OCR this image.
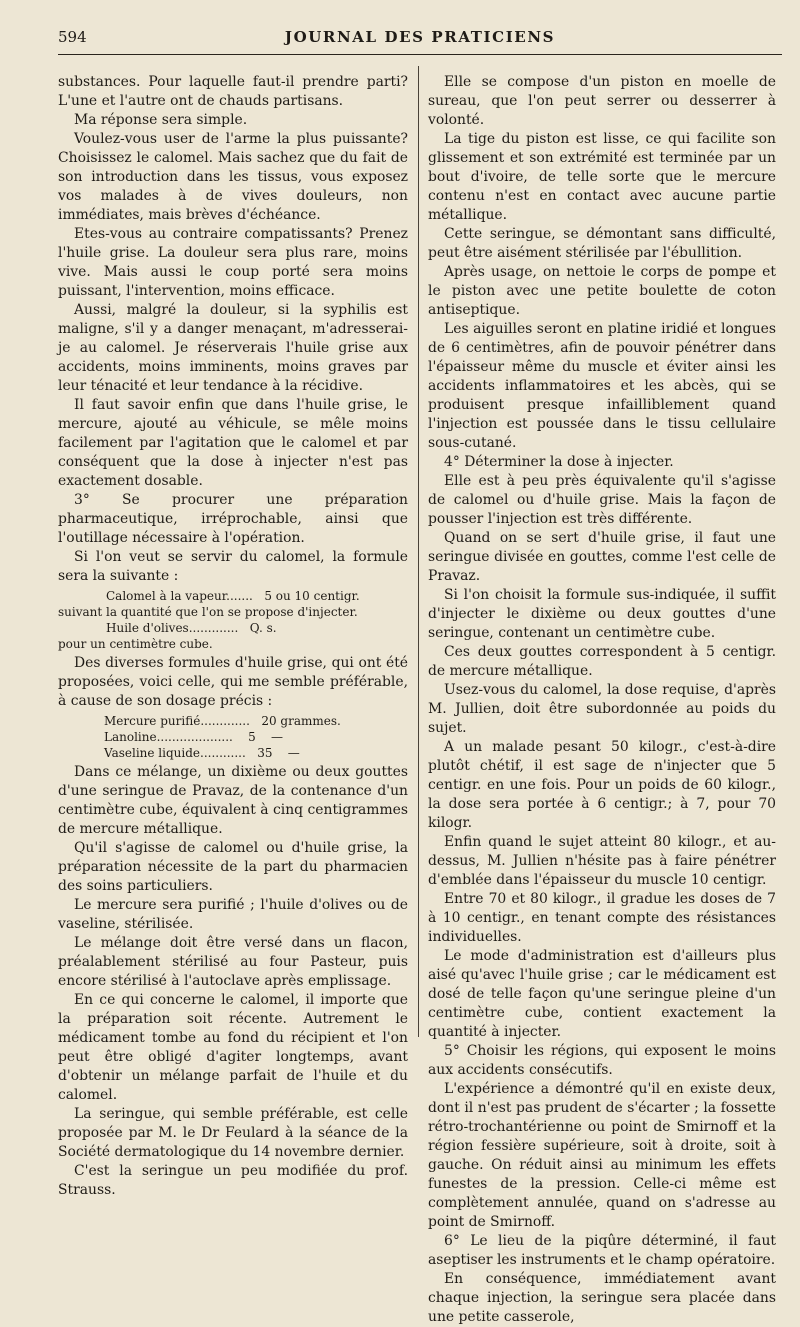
594	JOURNAL DES PRATICIENS

substances. Pour laquelle faut-il prendre parti? L'une et l'autre ont de chauds partisans.

Ma réponse sera simple.

Voulez-vous user de l'arme la plus puissante? Choisissez le calomel. Mais sachez que du fait de son introduction dans les tissus, vous exposez vos malades à de vives douleurs, non immédiates, mais brèves d'échéance.

Etes-vous au contraire compatissants? Prenez l'huile grise. La douleur sera plus rare, moins vive. Mais aussi le coup porté sera moins puissant, l'intervention, moins efficace.

Aussi, malgré la douleur, si la syphilis est maligne, s'il y a danger menaçant, m'adresserai-je au calomel. Je réserverais l'huile grise aux accidents, moins imminents, moins graves par leur ténacité et leur tendance à la récidive.

Il faut savoir enfin que dans l'huile grise, le mercure, ajouté au véhicule, se mêle moins facilement par l'agitation que le calomel et par conséquent que la dose à injecter n'est pas exactement dosable.

3° Se procurer une préparation pharmaceutique, irréprochable, ainsi que l'outillage nécessaire à l'opération.

Si l'on veut se servir du calomel, la formule sera la suivante :

Calomel à la vapeur.......   5 ou 10 centigr.
suivant la quantité que l'on se propose d'injecter.
Huile d'olives.............   Q. s.
pour un centimètre cube.

Des diverses formules d'huile grise, qui ont été proposées, voici celle, qui me semble préférable, à cause de son dosage précis :

Mercure purifié.............   20 grammes.
Lanoline....................    5    —
Vaseline liquide............   35    —

Dans ce mélange, un dixième ou deux gouttes d'une seringue de Pravaz, de la contenance d'un centimètre cube, équivalent à cinq centigrammes de mercure métallique.

Qu'il s'agisse de calomel ou d'huile grise, la préparation nécessite de la part du pharmacien des soins particuliers.

Le mercure sera purifié ; l'huile d'olives ou de vaseline, stérilisée.

Le mélange doit être versé dans un flacon, préalablement stérilisé au four Pasteur, puis encore stérilisé à l'autoclave après emplissage.

En ce qui concerne le calomel, il importe que la préparation soit récente. Autrement le médicament tombe au fond du récipient et l'on peut être obligé d'agiter longtemps, avant d'obtenir un mélange parfait de l'huile et du calomel.

La seringue, qui semble préférable, est celle proposée par M. le Dr Feulard à la séance de la Société dermatologique du 14 novembre dernier.

C'est la seringue un peu modifiée du prof. Strauss.

Elle se compose d'un piston en moelle de sureau, que l'on peut serrer ou desserrer à volonté.

La tige du piston est lisse, ce qui facilite son glissement et son extrémité est terminée par un bout d'ivoire, de telle sorte que le mercure contenu n'est en contact avec aucune partie métallique.

Cette seringue, se démontant sans difficulté, peut être aisément stérilisée par l'ébullition.

Après usage, on nettoie le corps de pompe et le piston avec une petite boulette de coton antiseptique.

Les aiguilles seront en platine iridié et longues de 6 centimètres, afin de pouvoir pénétrer dans l'épaisseur même du muscle et éviter ainsi les accidents inflammatoires et les abcès, qui se produisent presque infailliblement quand l'injection est poussée dans le tissu cellulaire sous-cutané.

4° Déterminer la dose à injecter.

Elle est à peu près équivalente qu'il s'agisse de calomel ou d'huile grise. Mais la façon de pousser l'injection est très différente.

Quand on se sert d'huile grise, il faut une seringue divisée en gouttes, comme l'est celle de Pravaz.

Si l'on choisit la formule sus-indiquée, il suffit d'injecter le dixième ou deux gouttes d'une seringue, contenant un centimètre cube.

Ces deux gouttes correspondent à 5 centigr. de mercure métallique.

Usez-vous du calomel, la dose requise, d'après M. Jullien, doit être subordonnée au poids du sujet.

A un malade pesant 50 kilogr., c'est-à-dire plutôt chétif, il est sage de n'injecter que 5 centigr. en une fois. Pour un poids de 60 kilogr., la dose sera portée à 6 centigr.; à 7, pour 70 kilogr.

Enfin quand le sujet atteint 80 kilogr., et au-dessus, M. Jullien n'hésite pas à faire pénétrer d'emblée dans l'épaisseur du muscle 10 centigr.

Entre 70 et 80 kilogr., il gradue les doses de 7 à 10 centigr., en tenant compte des résistances individuelles.

Le mode d'administration est d'ailleurs plus aisé qu'avec l'huile grise ; car le médicament est dosé de telle façon qu'une seringue pleine d'un centimètre cube, contient exactement la quantité à injecter.

5° Choisir les régions, qui exposent le moins aux accidents consécutifs.

L'expérience a démontré qu'il en existe deux, dont il n'est pas prudent de s'écarter ; la fossette rétro-trochantérienne ou point de Smirnoff et la région fessière supérieure, soit à droite, soit à gauche. On réduit ainsi au minimum les effets funestes de la pression. Celle-ci même est complètement annulée, quand on s'adresse au point de Smirnoff.

6° Le lieu de la piqûre déterminé, il faut aseptiser les instruments et le champ opératoire.

En conséquence, immédiatement avant chaque injection, la seringue sera placée dans une petite casserole,
